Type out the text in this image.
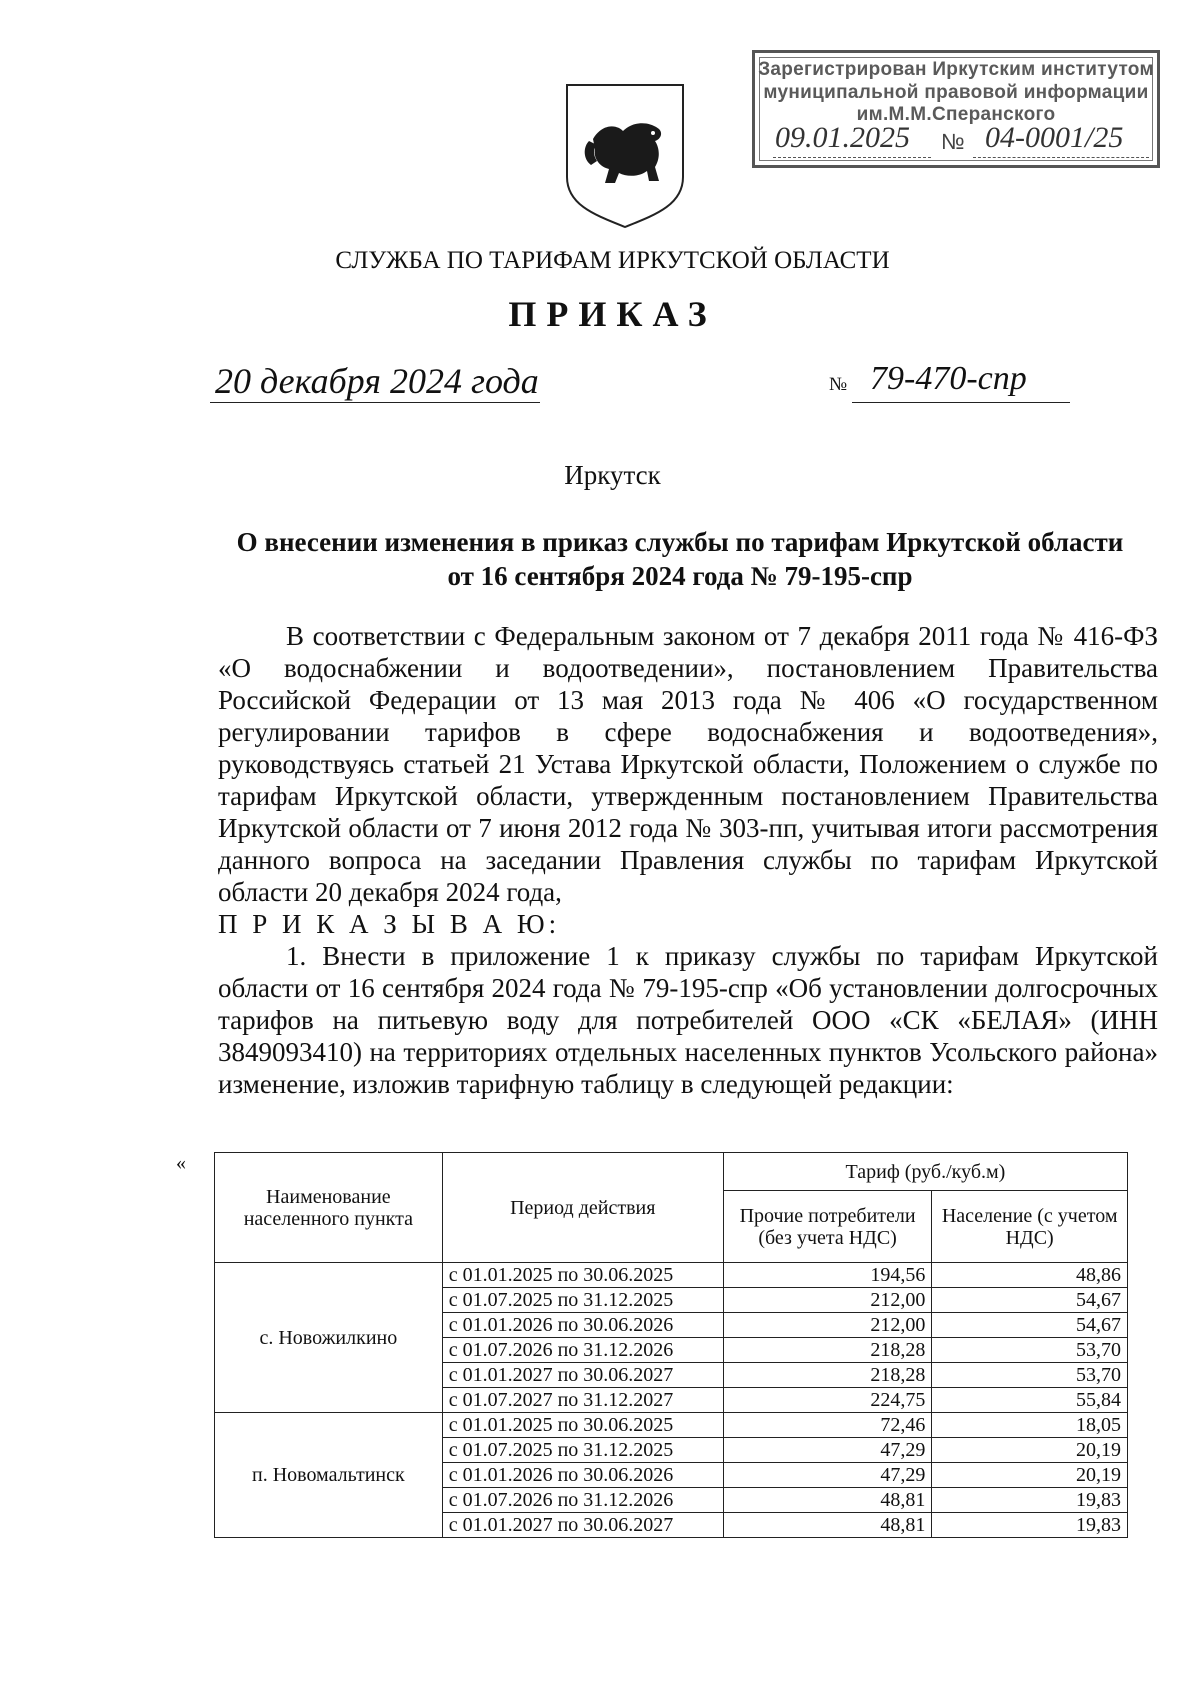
Зарегистрирован Иркутским институтом
муниципальной правовой информации
им.М.М.Сперанского
09.01.2025 № 04-0001/25
СЛУЖБА ПО ТАРИФАМ ИРКУТСКОЙ ОБЛАСТИ
ПРИКАЗ
20 декабря 2024 года	№ 79-470-спр
Иркутск
О внесении изменения в приказ службы по тарифам Иркутской области
от 16 сентября 2024 года № 79-195-спр

В соответствии с Федеральным законом от 7 декабря 2011 года № 416-ФЗ «О водоснабжении и водоотведении», постановлением Правительства Российской Федерации от 13 мая 2013 года № 406 «О государственном регулировании тарифов в сфере водоснабжения и водоотведения», руководствуясь статьей 21 Устава Иркутской области, Положением о службе по тарифам Иркутской области, утвержденным постановлением Правительства Иркутской области от 7 июня 2012 года № 303-пп, учитывая итоги рассмотрения данного вопроса на заседании Правления службы по тарифам Иркутской области 20 декабря 2024 года,

П Р И К А З Ы В А Ю:

1. Внести в приложение 1 к приказу службы по тарифам Иркутской области от 16 сентября 2024 года № 79-195-спр «Об установлении долгосрочных тарифов на питьевую воду для потребителей ООО «СК «БЕЛАЯ» (ИНН 3849093410) на территориях отдельных населенных пунктов Усольского района» изменение, изложив тарифную таблицу в следующей редакции:

«
Наименование населенного пункта	Период действия	Тариф (руб./куб.м)	
		Прочие потребители (без учета НДС)	Население (с учетом НДС)
с. Новожилкино	с 01.01.2025 по 30.06.2025	194,56	48,86
	с 01.07.2025 по 31.12.2025	212,00	54,67
	с 01.01.2026 по 30.06.2026	212,00	54,67
	с 01.07.2026 по 31.12.2026	218,28	53,70
	с 01.01.2027 по 30.06.2027	218,28	53,70
	с 01.07.2027 по 31.12.2027	224,75	55,84
п. Новомальтинск	с 01.01.2025 по 30.06.2025	72,46	18,05
	с 01.07.2025 по 31.12.2025	47,29	20,19
	с 01.01.2026 по 30.06.2026	47,29	20,19
	с 01.07.2026 по 31.12.2026	48,81	19,83
	с 01.01.2027 по 30.06.2027	48,81	19,83
